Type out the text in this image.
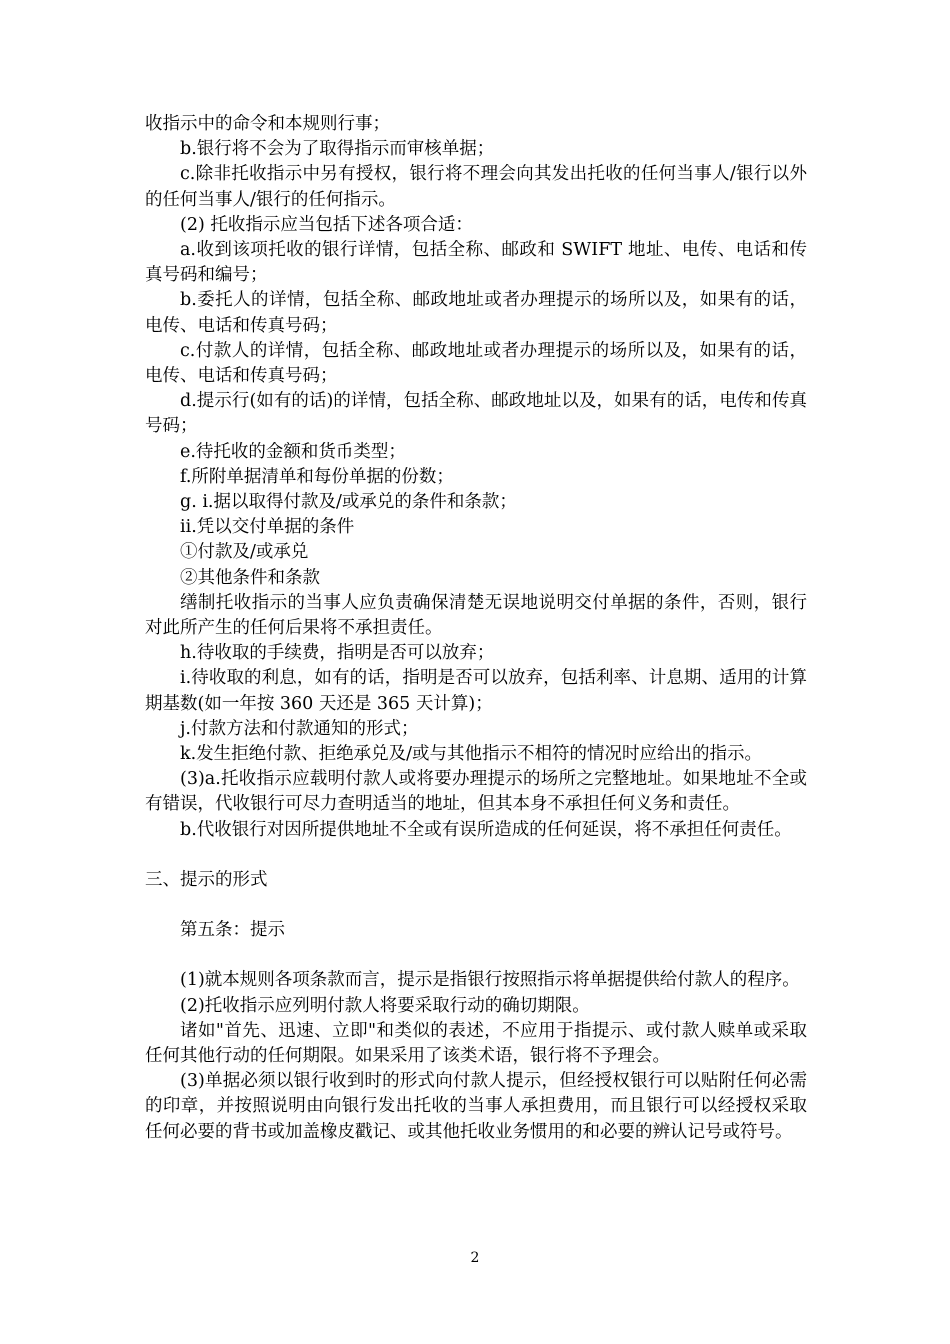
收指示中的命令和本规则行事；

b.银行将不会为了取得指示而审核单据；

c.除非托收指示中另有授权，银行将不理会向其发出托收的任何当事人/银行以外的任何当事人/银行的任何指示。

(2) 托收指示应当包括下述各项合适：

a.收到该项托收的银行详情，包括全称、邮政和 SWIFT 地址、电传、电话和传真号码和编号；

b.委托人的详情，包括全称、邮政地址或者办理提示的场所以及，如果有的话，电传、电话和传真号码；

c.付款人的详情，包括全称、邮政地址或者办理提示的场所以及，如果有的话，电传、电话和传真号码；

d.提示行(如有的话)的详情，包括全称、邮政地址以及，如果有的话，电传和传真号码；

e.待托收的金额和货币类型；

f.所附单据清单和每份单据的份数；

g. i.据以取得付款及/或承兑的条件和条款；

ii.凭以交付单据的条件

①付款及/或承兑

②其他条件和条款

缮制托收指示的当事人应负责确保清楚无误地说明交付单据的条件，否则，银行对此所产生的任何后果将不承担责任。

h.待收取的手续费，指明是否可以放弃；

i.待收取的利息，如有的话，指明是否可以放弃，包括利率、计息期、适用的计算期基数(如一年按 360 天还是 365 天计算)；

j.付款方法和付款通知的形式；

k.发生拒绝付款、拒绝承兑及/或与其他指示不相符的情况时应给出的指示。

(3)a.托收指示应载明付款人或将要办理提示的场所之完整地址。如果地址不全或有错误，代收银行可尽力查明适当的地址，但其本身不承担任何义务和责任。

b.代收银行对因所提供地址不全或有误所造成的任何延误，将不承担任何责任。

三、提示的形式

第五条：提示

(1)就本规则各项条款而言，提示是指银行按照指示将单据提供给付款人的程序。

(2)托收指示应列明付款人将要采取行动的确切期限。

诸如"首先、迅速、立即"和类似的表述，不应用于指提示、或付款人赎单或采取任何其他行动的任何期限。如果采用了该类术语，银行将不予理会。

(3)单据必须以银行收到时的形式向付款人提示，但经授权银行可以贴附任何必需的印章，并按照说明由向银行发出托收的当事人承担费用，而且银行可以经授权采取任何必要的背书或加盖橡皮戳记、或其他托收业务惯用的和必要的辨认记号或符号。

2
